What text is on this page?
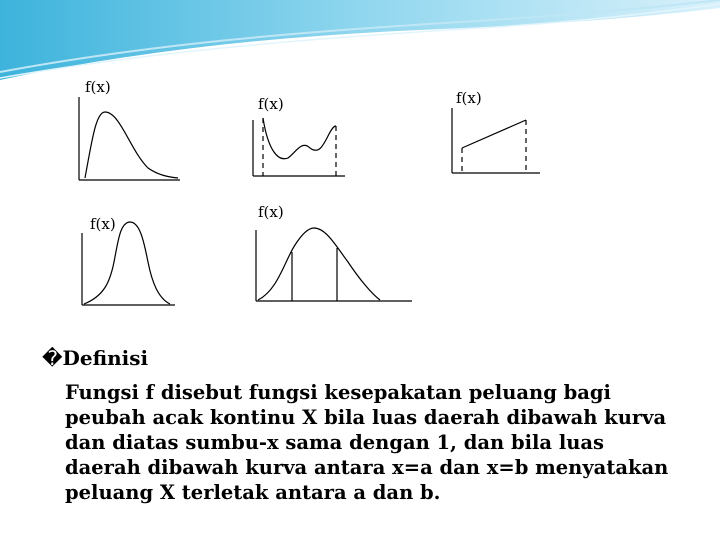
f(x)
f(x)	f(x)
f(x)
f(x)
�Definisi
Fungsi f disebut fungsi kesepakatan peluang bagi peubah acak kontinu X bila luas daerah dibawah kurva dan diatas sumbu-x sama dengan 1, dan bila luas daerah dibawah kurva antara x=a dan x=b menyatakan peluang X terletak antara a dan b.
